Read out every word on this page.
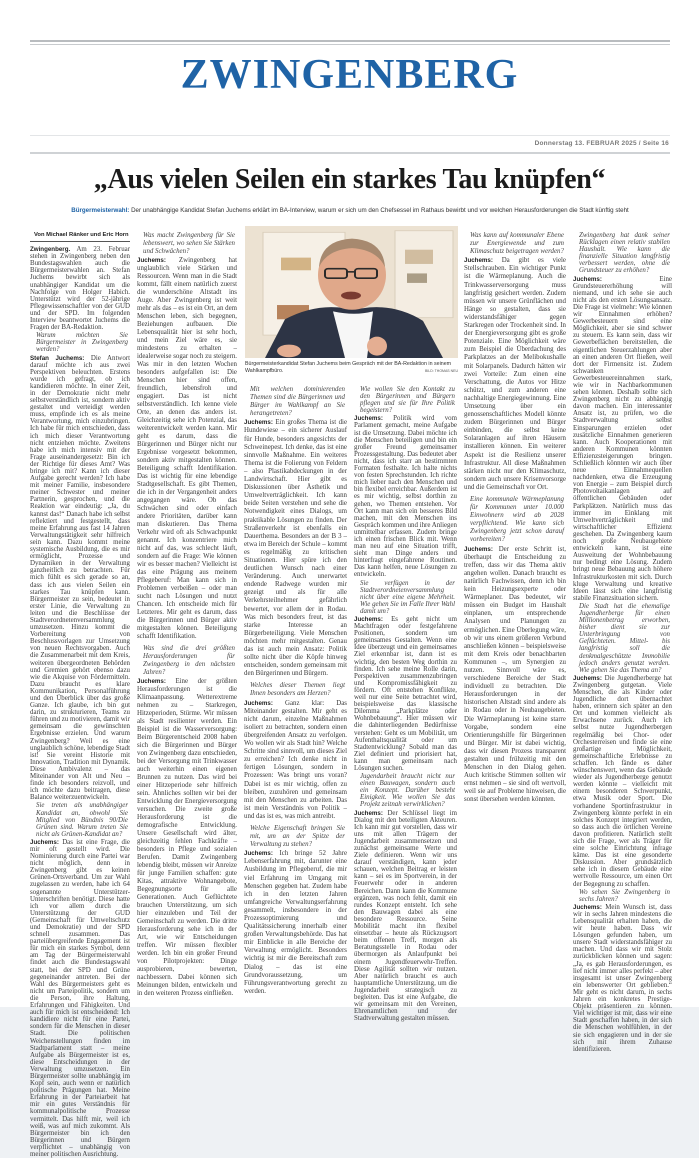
ZWINGENBERG
Donnerstag 13. FEBRUAR 2025 / Seite 16
„Aus vielen Seilen ein starkes Tau knüpfen“
Bürgermeisterwahl: Der unabhängige Kandidat Stefan Juchems erklärt im BA-Interview, warum er sich um den Chefsessel im Rathaus bewirbt und vor welchen Herausforderungen die Stadt künftig steht
Von Michael Ränker und Eric Horn

Zwingenberg. Am 23. Februar stehen in Zwingenberg neben den Bundestagswahlen auch die Bürgermeisterwahlen an. Stefan Juchems bewirbt sich als unabhängiger Kandidat um die Nachfolge von Holger Habich. Unterstützt wird der 52-jährige Pflegewissenschaftler von der GUD und der SPD. Im folgenden Interview beantwortet Juchems die Fragen der BA-Redaktion.

Warum möchten Sie Bürgermeister in Zwingenberg werden?

Stefan Juchems: Die Antwort darauf möchte ich aus zwei Perspektiven beleuchten. Erstens wurde ich gefragt, ob ich kandidieren möchte. In einer Zeit, in der Demokratie nicht mehr selbstverständlich ist, sondern aktiv gestaltet und verteidigt werden muss, empfinde ich es als meine Verantwortung, mich einzubringen. Ich habe für mich entschieden, dass ich mich dieser Verantwortung nicht entziehen möchte. Zweitens habe ich mich intensiv mit der Frage auseinandergesetzt: Bin ich der Richtige für dieses Amt? Was bringe ich mit? Kann ich dieser Aufgabe gerecht werden? Ich habe mit meiner Familie, insbesondere meiner Schwester und meiner Partnerin, gesprochen, und die Reaktion war eindeutig: „Ja, du kannst das!“ Danach habe ich selbst reflektiert und festgestellt, dass meine Erfahrung aus fast 14 Jahren Verwaltungstätigkeit sehr hilfreich sein kann. Dazu kommt meine systemische Ausbildung, die es mir ermöglicht, Prozesse und Dynamiken in der Verwaltung ganzheitlich zu betrachten. Für mich fühlt es sich gerade so an, dass ich aus vielen Seilen ein starkes Tau knüpfen kann. Bürgermeister zu sein, bedeutet in erster Linie, die Verwaltung zu leiten und die Beschlüsse der Stadtverordnetenversammlung umzusetzen. Hinzu kommt die Vorbereitung von Beschlussvorlagen zur Umsetzung von neuen Rechtsvorgaben. Auch die Zusammenarbeit mit dem Kreis, weiteren übergeordneten Behörden und Gremien gehört ebenso dazu wie die Akquise von Fördermitteln. Dazu braucht es klare Kommunikation, Personalführung und den Überblick über das große Ganze. Ich glaube, ich bin gut darin, zu strukturieren, Teams zu führen und zu motivieren, damit wir gemeinsam die gewünschten Ergebnisse erzielen. Und warum Zwingenberg? Weil es eine unglaublich schöne, lebendige Stadt ist! Sie vereint Historie mit Innovation, Tradition mit Dynamik. Diese Ambivalenz – das Miteinander von Alt und Neu – finde ich besonders reizvoll, und ich möchte dazu beitragen, diese Balance weiterzuentwickeln.

Sie treten als unabhängiger Kandidat an, obwohl Sie Mitglied von Bündnis 90/Die Grünen sind. Warum treten Sie nicht als Grünen-Kandidat an?

Juchems: Das ist eine Frage, die mir oft gestellt wird. Die Nominierung durch eine Partei war nicht möglich, denn in Zwingenberg gibt es keinen Grünen-Ortsverband. Um zur Wahl zugelassen zu werden, habe ich 64 sogenannte Unterstützer-Unterschriften benötigt. Diese hatte ich vor allem durch die Unterstützung der GUD (Gemeinschaft für Umweltschutz und Demokratie) und der SPD schnell zusammen. Das parteiübergreifende Engagement ist für mich ein starkes Symbol, denn am Tag der Bürgermeisterwahl findet auch die Bundestagswahl statt, bei der SPD und Grüne gegeneinander antreten. Bei der Wahl des Bürgermeisters geht es nicht um Parteipolitik, sondern um die Person, ihre Haltung, Erfahrungen und Fähigkeiten. Und auch für mich ist entscheidend: Ich kandidiere nicht für eine Partei, sondern für die Menschen in dieser Stadt. Die politischen Weichenstellungen finden im Stadtparlament statt – meine Aufgabe als Bürgermeister ist es, diese Entscheidungen in der Verwaltung umzusetzen. Ein Bürgermeister sollte unabhängig im Kopf sein, auch wenn er natürlich politische Prägungen hat. Meine Erfahrung in der Parteiarbeit hat mir ein gutes Verständnis für kommunalpolitische Prozesse vermittelt. Das hilft mir, weil ich weiß, was auf mich zukommt. Als Bürgermeister bin ich den Bürgerinnen und Bürgern verpflichtet – unabhängig von meiner politischen Ausrichtung.

Was macht Zwingenberg für Sie lebenswert, wo sehen Sie Stärken und Schwächen?

Juchems: Zwingenberg hat unglaublich viele Stärken und Ressourcen. Wenn man in die Stadt kommt, fällt einem natürlich zuerst die wunderschöne Altstadt ins Auge. Aber Zwingenberg ist weit mehr als das – es ist ein Ort, an dem Menschen leben, sich begegnen, Beziehungen aufbauen. Die Lebensqualität hier ist sehr hoch, und mein Ziel wäre es, sie mindestens zu erhalten – idealerweise sogar noch zu steigern. Was mir in den letzten Wochen besonders aufgefallen ist: Die Menschen hier sind offen, freundlich, lebensfroh und engagiert. Das ist nicht selbstverständlich. Ich kenne viele Orte, an denen das anders ist. Gleichzeitig sehe ich Potenzial, das weiterentwickelt werden kann. Mir geht es darum, dass die Bürgerinnen und Bürger nicht nur Ergebnisse vorgesetzt bekommen, sondern aktiv mitgestalten können. Beteiligung schafft Identifikation. Das ist wichtig für eine lebendige Stadtgesellschaft. Es gibt Themen, die ich in der Vergangenheit anders angegangen wäre. Ob das Schwächen sind oder einfach andere Prioritäten, darüber kann man diskutieren. Das Thema Verkehr wird oft als Schwachpunkt genannt. Ich konzentriere mich nicht auf das, was schlecht läuft, sondern auf die Frage: Wie können wir es besser machen? Vielleicht ist das eine Prägung aus meinem Pflegeberuf: Man kann sich in Problemen verbeißen – oder man sucht nach Lösungen und nutzt Chancen. Ich entscheide mich für Letzteres. Mir geht es darum, dass die Bürgerinnen und Bürger aktiv mitgestalten können. Beteiligung schafft Identifikation.

Was sind die drei größten Herausforderungen für Zwingenberg in den nächsten Jahren?

Juchems: Eine der größten Herausforderungen ist die Klimaanpassung. Wetterextreme nehmen zu – Starkregen, Hitzeperioden, Stürme. Wir müssen als Stadt resilienter werden. Ein Beispiel ist die Wasserversorgung: Beim Bürgerentscheid 2008 haben sich die Bürgerinnen und Bürger von Zwingenberg dazu entschieden, bei der Versorgung mit Trinkwasser auch weiterhin einen eigenen Brunnen zu nutzen. Das wird bei einer Hitzeperiode sehr hilfreich sein. Ähnliches sollten wir bei der Entwicklung der Energieversorgung versuchen. Die zweite große Herausforderung ist die demografische Entwicklung. Unsere Gesellschaft wird älter, gleichzeitig fehlen Fachkräfte – besonders in Pflege und sozialen Berufen. Damit Zwingenberg lebendig bleibt, müssen wir Anreize für junge Familien schaffen: gute Kitas, attraktive Wohnangebote, Begegnungsorte für alle Generationen. Auch Geflüchtete brauchen Unterstützung, um sich hier einzuleben und Teil der Gemeinschaft zu werden. Die dritte Herausforderung sehe ich in der Art, wie wir Entscheidungen treffen. Wir müssen flexibler werden. Ich bin ein großer Freund von Pilotprojekten: Dinge ausprobieren, bewerten, nachbessern. Dabei können sich Meinungen bilden, entwickeln und in den weiteren Prozess einfließen.

Bürgermeisterkandidat Stefan Juchems beim Gespräch mit der BA-Redaktion in seinem Wahlkampfbüro.	BILD: THOMAS NEU

Mit welchen dominierenden Themen sind die Bürgerinnen und Bürger im Wahlkampf an Sie herangetreten?

Juchems: Ein großes Thema ist die Hundewiese – ein sicherer Auslauf für Hunde, besonders angesichts der Schweinepest. Ich denke, das ist eine sinnvolle Maßnahme. Ein weiteres Thema ist die Folierung von Feldern – also Plastikabdeckungen in der Landwirtschaft. Hier gibt es Diskussionen über Ästhetik und Umweltverträglichkeit. Ich kann beide Seiten verstehen und sehe die Notwendigkeit eines Dialogs, um praktikable Lösungen zu finden. Der Straßenverkehr ist ebenfalls ein Dauerthema. Besonders an der B 3 – etwa im Bereich der Schule – kommt es regelmäßig zu kritischen Situationen. Hier spüre ich den deutlichen Wunsch nach einer Veränderung. Auch unerwartet endende Radwege wurden mir gezeigt und als für alle Verkehrsteilnehmer gefährlich bewertet, vor allem der in Rodau. Was mich besonders freut, ist das starke Interesse an Bürgerbeteiligung. Viele Menschen möchten mehr mitgestalten. Genau das ist auch mein Ansatz: Politik sollte nicht über die Köpfe hinweg entscheiden, sondern gemeinsam mit den Bürgerinnen und Bürgern.

Welches dieser Themen liegt Ihnen besonders am Herzen?

Juchems: Ganz klar: Das Miteinander gestalten. Mir geht es nicht darum, einzelne Maßnahmen isoliert zu betrachten, sondern einen übergreifenden Ansatz zu verfolgen. Wo wollen wir als Stadt hin? Welche Schritte sind sinnvoll, um dieses Ziel zu erreichen? Ich denke nicht in fertigen Lösungen, sondern in Prozessen: Was bringt uns voran? Dabei ist es mir wichtig, offen zu bleiben, zuzuhören und gemeinsam mit den Menschen zu arbeiten. Das ist mein Verständnis von Politik – und das ist es, was mich antreibt.

Welche Eigenschaft bringen Sie mit, um an der Spitze der Verwaltung zu stehen?

Juchems: Ich bringe 52 Jahre Lebenserfahrung mit, darunter eine Ausbildung im Pflegeberuf, die mir viel Erfahrung im Umgang mit Menschen gegeben hat. Zudem habe ich in den letzten Jahren umfangreiche Verwaltungserfahrung gesammelt, insbesondere in der Prozessoptimierung und Qualitätssicherung innerhalb einer großen Verwaltungsbehörde. Das hat mir Einblicke in alle Bereiche der Verwaltung ermöglicht. Besonders wichtig ist mir die Bereitschaft zum Dialog – das ist eine Grundvoraussetzung, um Führungsverantwortung gerecht zu werden.

Wie wollen Sie den Kontakt zu den Bürgerinnen und Bürgern pflegen und sie für Ihre Politik begeistern?

Juchems: Politik wird vom Parlament gemacht, meine Aufgabe ist die Umsetzung. Dabei möchte ich die Menschen beteiligen und bin ein großer Freund gemeinsamer Prozessgestaltung. Das bedeutet aber nicht, dass ich starr an bestimmten Formaten festhalte. Ich halte nichts von festen Sprechstunden. Ich richte mich lieber nach den Menschen und bin flexibel erreichbar. Außerdem ist es mir wichtig, selbst dorthin zu gehen, wo Themen entstehen. Vor Ort kann man sich ein besseres Bild machen, mit den Menschen ins Gespräch kommen und ihre Anliegen unmittelbar erfassen. Zudem bringe ich einen frischen Blick mit. Wenn man neu auf eine Situation trifft, sieht man Dinge anders und hinterfragt eingefahrene Routinen. Das kann helfen, neue Lösungen zu entwickeln.

Sie verfügen in der Stadtverordnetenversammlung nicht über eine eigene Mehrheit. Wie gehen Sie im Falle Ihrer Wahl damit um?

Juchems: Es geht nicht um Machtfragen oder festgefahrene Positionen, sondern um gemeinsames Gestalten. Wenn eine Idee überzeugt und ein gemeinsames Ziel erkennbar ist, dann ist es wichtig, den besten Weg dorthin zu finden. Ich sehe meine Rolle darin, Perspektiven zusammenzubringen und Kompromissfähigkeit zu fördern. Oft entstehen Konflikte, weil nur eine Seite betrachtet wird, beispielsweise das klassische Dilemma „Parkplätze oder Wohnbebauung“. Hier müssen wir die dahinterliegenden Bedürfnisse verstehen: Geht es um Mobilität, um Aufenthaltsqualität oder um Stadtentwicklung? Sobald man das Ziel definiert und priorisiert hat, kann man gemeinsam nach Lösungen suchen.

Jugendarbeit braucht nicht nur einen Bauwagen, sondern auch ein Konzept. Darüber besteht Einigkeit. Wie wollen Sie das Projekt zeitnah verwirklichen?

Juchems: Der Schlüssel liegt im Dialog mit den beteiligten Akteuren. Ich kann mir gut vorstellen, dass wir uns mit allen Trägern der Jugendarbeit zusammensetzen und zunächst gemeinsame Werte und Ziele definieren. Wenn wir uns darauf verständigen, kann jeder schauen, welchen Beitrag er leisten kann – sei es im Sportverein, in der Feuerwehr oder in anderen Bereichen. Dann kann die Kommune ergänzen, was noch fehlt, damit ein rundes Konzept entsteht. Ich sehe den Bauwagen dabei als eine besondere Ressource. Seine Mobilität macht ihn flexibel einsetzbar – heute als Rückzugsort beim offenen Treff, morgen als Beratungsstelle in Rodau oder übermorgen als Anlaufpunkt bei einem Jugendfeuerwehr-Treffen. Diese Agilität sollten wir nutzen. Aber natürlich braucht es auch hauptamtliche Unterstützung, um die Jugendarbeit strategisch zu begleiten. Das ist eine Aufgabe, die wir gemeinsam mit den Vereinen, Ehrenamtlichen und der Stadtverwaltung gestalten müssen.

Was kann auf kommunaler Ebene zur Energiewende und zum Klimaschutz beigetragen werden?

Juchems: Da gibt es viele Stellschrauben. Ein wichtiger Punkt ist die Wärmeplanung. Auch die Trinkwasserversorgung muss langfristig gesichert werden. Zudem müssen wir unsere Grünflächen und Hänge so gestalten, dass sie widerstandsfähiger gegen Starkregen oder Trockenheit sind. In der Energieversorgung gibt es große Potenziale. Eine Möglichkeit wäre zum Beispiel die Überdachung des Parkplatzes an der Melibokushalle mit Solarpanels. Dadurch hätten wir zwei Vorteile: Zum einen eine Verschattung, die Autos vor Hitze schützt, und zum anderen eine nachhaltige Energiegewinnung. Eine Umsetzung über ein genossenschaftliches Modell könnte zudem Bürgerinnen und Bürger einbinden, die selbst keine Solaranlagen auf ihren Häusern installieren können. Ein weiterer Aspekt ist die Resilienz unserer Infrastruktur. All diese Maßnahmen stärken nicht nur den Klimaschutz, sondern auch unsere Krisenvorsorge und die Gemeinschaft vor Ort.

Eine kommunale Wärmeplanung für Kommunen unter 10.000 Einwohnern wird ab 2028 verpflichtend. Wie kann sich Zwingenberg jetzt schon darauf vorbereiten?

Juchems: Der erste Schritt ist, überhaupt die Entscheidung zu treffen, dass wir das Thema aktiv angehen wollen. Danach braucht es natürlich Fachwissen, denn ich bin kein Heizungsexperte oder Wärmeplaner. Das bedeutet, wir müssen ein Budget im Haushalt einplanen, um entsprechende Analysen und Planungen zu ermöglichen. Eine Überlegung wäre, ob wir uns einem größeren Verbund anschließen können – beispielsweise mit dem Kreis oder benachbarten Kommunen –, um Synergien zu nutzen. Sinnvoll wäre es, verschiedene Bereiche der Stadt individuell zu betrachten. Die Herausforderungen in der historischen Altstadt sind andere als in Rodau oder in Neubaugebieten. Die Wärmeplanung ist keine starre Vorgabe, sondern eine Orientierungshilfe für Bürgerinnen und Bürger. Mir ist dabei wichtig, dass wir diesen Prozess transparent gestalten und frühzeitig mit den Menschen in den Dialog gehen. Auch kritische Stimmen sollten wir ernst nehmen – sie sind oft wertvoll, weil sie auf Probleme hinweisen, die sonst übersehen werden könnten.

Zwingenberg hat dank seiner Rücklagen einen relativ stabilen Haushalt. Wie kann die finanzielle Situation langfristig verbessert werden, ohne die Grundsteuer zu erhöhen?

Juchems:	Eine Grundsteuererhöhung will niemand, und ich sehe sie auch nicht als den ersten Lösungsansatz. Die Frage ist vielmehr: Wie können wir Einnahmen erhöhen? Gewerbesteuern sind eine Möglichkeit, aber sie sind schwer zu steuern. Es kann sein, dass wir Gewerbeflächen bereitstellen, die eigentlichen Steuerzahlungen aber an einen anderen Ort fließen, weil dort der Firmensitz ist. Zudem schwanken Gewerbesteuereinnahmen stark, wie wir in Nachbarkommunen sehen können. Deshalb sollte sich Zwingenberg nicht zu abhängig davon machen. Ein interessanter Ansatz ist, zu prüfen, wo die Stadtverwaltung selbst Einsparungen erzielen oder zusätzliche Einnahmen generieren kann. Auch Kooperationen mit anderen Kommunen könnten Effizienzsteigerungen bringen. Schließlich könnten wir auch über neue Einnahmequellen nachdenken, etwa die Erzeugung von Energie – zum Beispiel durch Photovoltaikanlagen auf öffentlichen Gebäuden oder Parkplätzen. Natürlich muss das immer im Einklang mit Umweltverträglichkeit und wirtschaftlicher Effizienz geschehen. Da Zwingenberg kaum noch große Neubaugebiete entwickeln kann, ist eine Ausweitung der Wohnbebauung nur bedingt eine Lösung. Zudem bringt neue Bebauung auch höhere Infrastrukturkosten mit sich. Durch kluge Verwaltung und kreative Ideen lässt sich eine langfristig stabile Finanzsituation sichern.

Die Stadt hat die ehemalige Jugendherberge für einen Millionenbetrag erworben, bisher dient sie zur Unterbringung von Geflüchteten. Mittel- bis langfristig soll die denkmalgeschützte Immobilie jedoch anders genutzt werden. Wie gehen Sie das Thema an?

Juchems: Die Jugendherberge hat Zwingenberg gutgetan. Viele Menschen, die als Kinder oder Jugendliche dort übernachtet haben, erinnern sich später an den Ort und kommen vielleicht als Erwachsene zurück. Auch ich selbst nutze Jugendherbergen regelmäßig bei Chor- oder Orchesterreisen und finde sie eine großartige Möglichkeit, gemeinschaftliche Erlebnisse zu schaffen. Ich fände es daher wünschenswert, wenn das Gebäude wieder als Jugendherberge genutzt werden könnte – vielleicht mit einem besonderen Schwerpunkt, etwa Musik oder Sport. Die vorhandene Sportinfrastruktur in Zwingenberg könnte perfekt in ein solches Konzept integriert werden, so dass auch die örtlichen Vereine davon profitieren. Natürlich stellt sich die Frage, wer als Träger für eine solche Einrichtung infrage käme. Das ist eine gesonderte Diskussion. Aber grundsätzlich sehe ich in diesem Gebäude eine wertvolle Ressource, um einen Ort der Begegnung zu schaffen.

Wo sehen Sie Zwingenberg in sechs Jahren?

Juchems: Mein Wunsch ist, dass wir in sechs Jahren mindestens die Lebensqualität erhalten haben, die wir heute haben. Dass wir Lösungen gefunden haben, um unsere Stadt widerstandsfähiger zu machen. Und dass wir mit Stolz zurückblicken können und sagen: „Ja, es gab Herausforderungen, es lief nicht immer alles perfekt – aber insgesamt ist unser Zwingenberg ein lebenswerter Ort geblieben.“ Mir geht es nicht darum, in sechs Jahren ein konkretes Prestige-Objekt präsentieren zu können. Viel wichtiger ist mir, dass wir eine Stadt geschaffen haben, in der sich die Menschen wohlfühlen, in der sie sich engagieren und in der sie sich mit ihrem Zuhause identifizieren.
